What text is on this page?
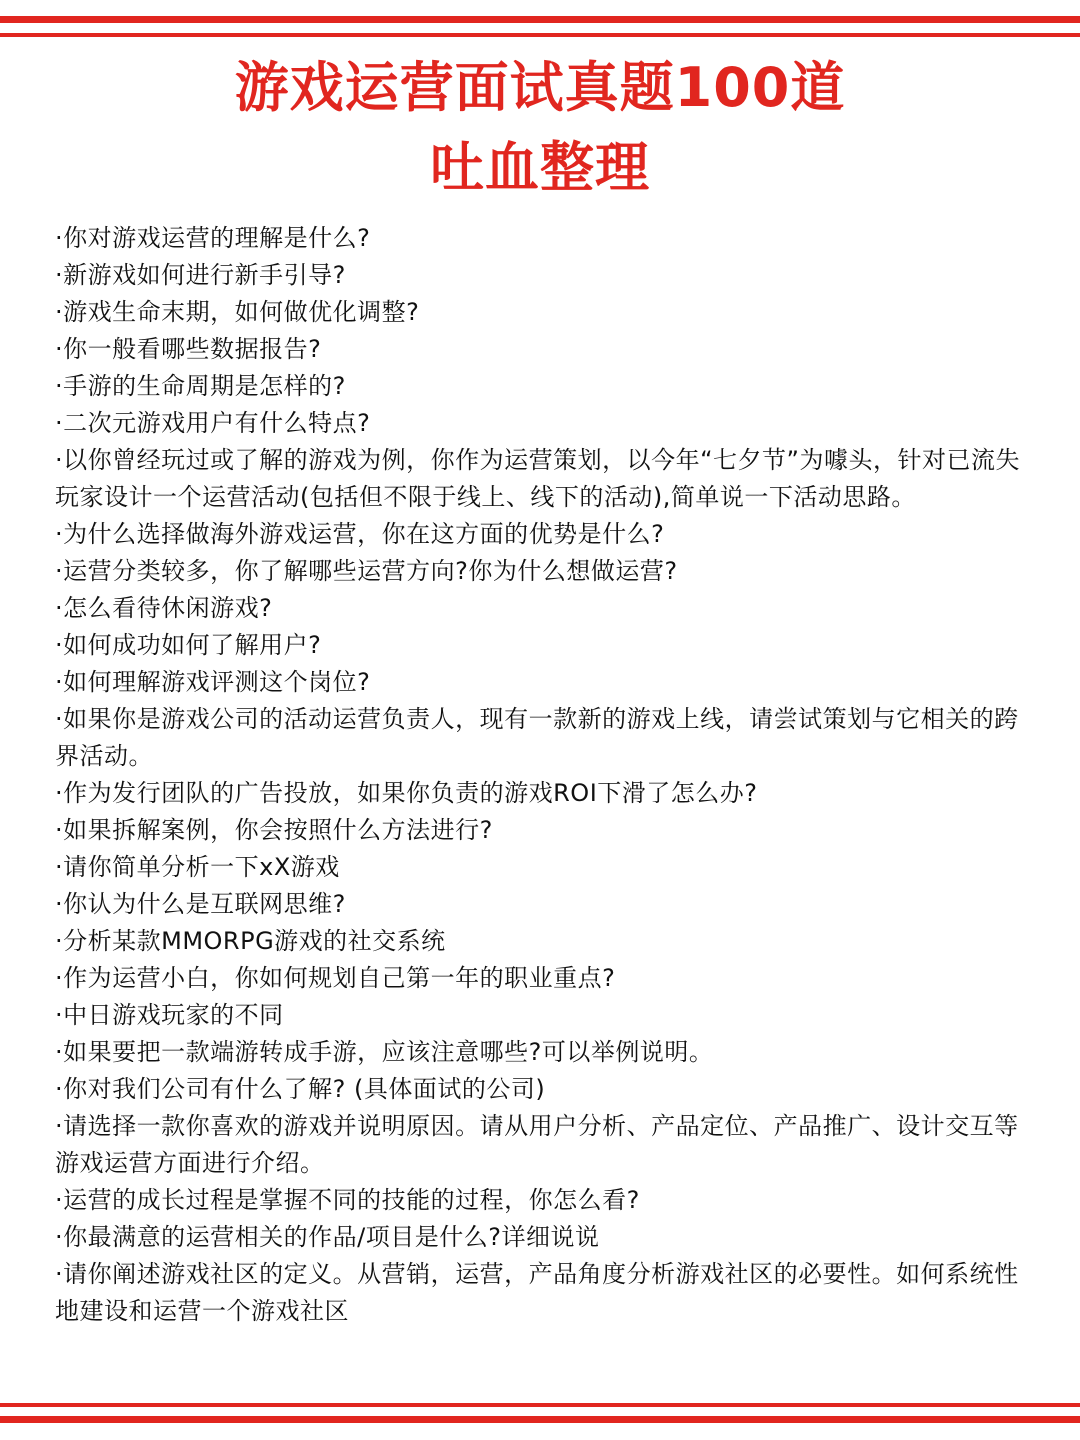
游戏运营面试真题100道
吐血整理
·你对游戏运营的理解是什么?
·新游戏如何进行新手引导?
·游戏生命末期，如何做优化调整?
·你一般看哪些数据报告?
·手游的生命周期是怎样的?
·二次元游戏用户有什么特点?
·以你曾经玩过或了解的游戏为例，你作为运营策划，以今年“七夕节”为噱头，针对已流失玩家设计一个运营活动(包括但不限于线上、线下的活动),简单说一下活动思路。
·为什么选择做海外游戏运营，你在这方面的优势是什么?
·运营分类较多，你了解哪些运营方向?你为什么想做运营?
·怎么看待休闲游戏?
·如何成功如何了解用户?
·如何理解游戏评测这个岗位?
·如果你是游戏公司的活动运营负责人，现有一款新的游戏上线，请尝试策划与它相关的跨界活动。
·作为发行团队的广告投放，如果你负责的游戏ROI下滑了怎么办?
·如果拆解案例，你会按照什么方法进行?
·请你简单分析一下xX游戏
·你认为什么是互联网思维?
·分析某款MMORPG游戏的社交系统
·作为运营小白，你如何规划自己第一年的职业重点?
·中日游戏玩家的不同
·如果要把一款端游转成手游，应该注意哪些?可以举例说明。
·你对我们公司有什么了解? (具体面试的公司)
·请选择一款你喜欢的游戏并说明原因。请从用户分析、产品定位、产品推广、设计交互等游戏运营方面进行介绍。
·运营的成长过程是掌握不同的技能的过程，你怎么看?
·你最满意的运营相关的作品/项目是什么?详细说说
·请你阐述游戏社区的定义。从营销，运营，产品角度分析游戏社区的必要性。如何系统性地建设和运营一个游戏社区
